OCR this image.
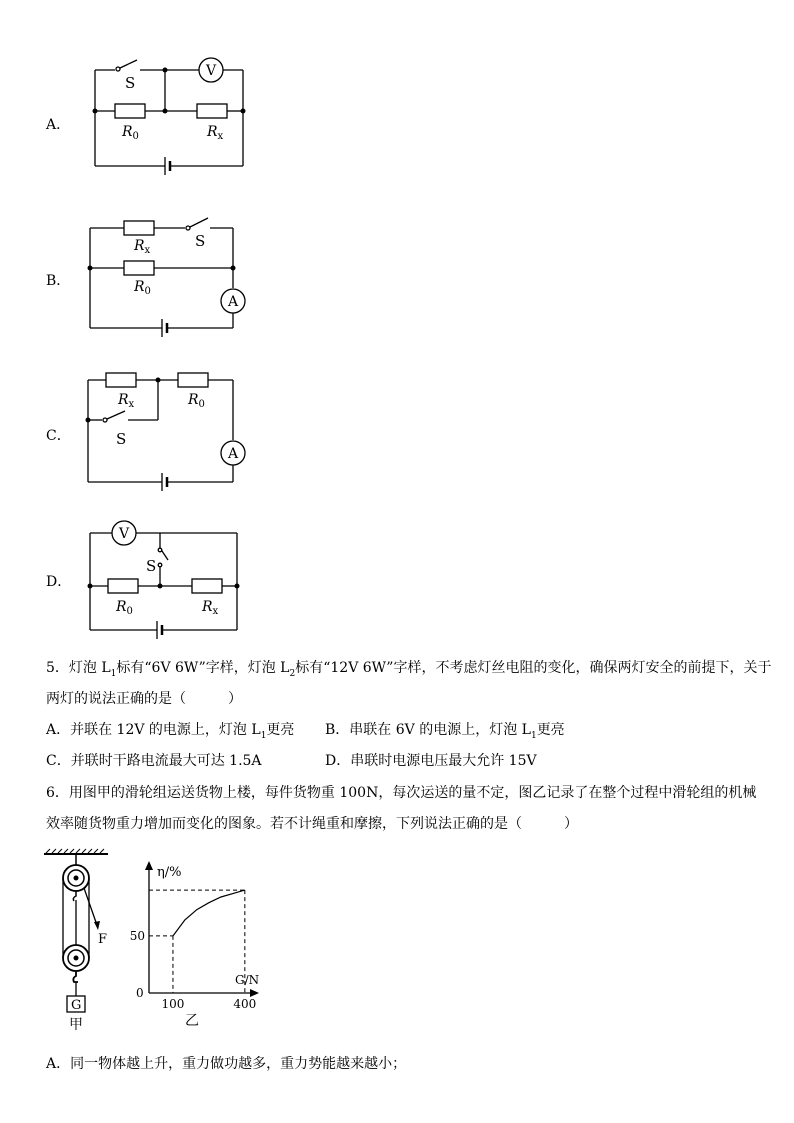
A．
S
V
$R_0$	$R_x$
B．
S
A
$R_x$
$R_0$
C．	S
A
$R_x$	$R_0$
D．
S
V
$R_0$	$R_x$
5．灯泡 $L_1$标有“6V 6W”字样，灯泡 $L_2$标有“12V 6W”字样，不考虑灯丝电阻的变化，确保两灯安全的前提下，关于
两灯的说法正确的是（　　　）
A．并联在 12V 的电源上，灯泡 $L_1$更亮 B．串联在 6V 的电源上，灯泡 $L_1$更亮
C．并联时干路电流最大可达 1.5A	D．串联时电源电压最大允许 15V
6．用图甲的滑轮组运送货物上楼，每件货物重 100N，每次运送的量不定，图乙记录了在整个过程中滑轮组的机械
效率随货物重力增加而变化的图象。若不计绳重和摩擦，下列说法正确的是（　　　）
G
F
甲
η/%
G/N
0
100	400
50
乙
A．同一物体越上升，重力做功越多，重力势能越来越小；
